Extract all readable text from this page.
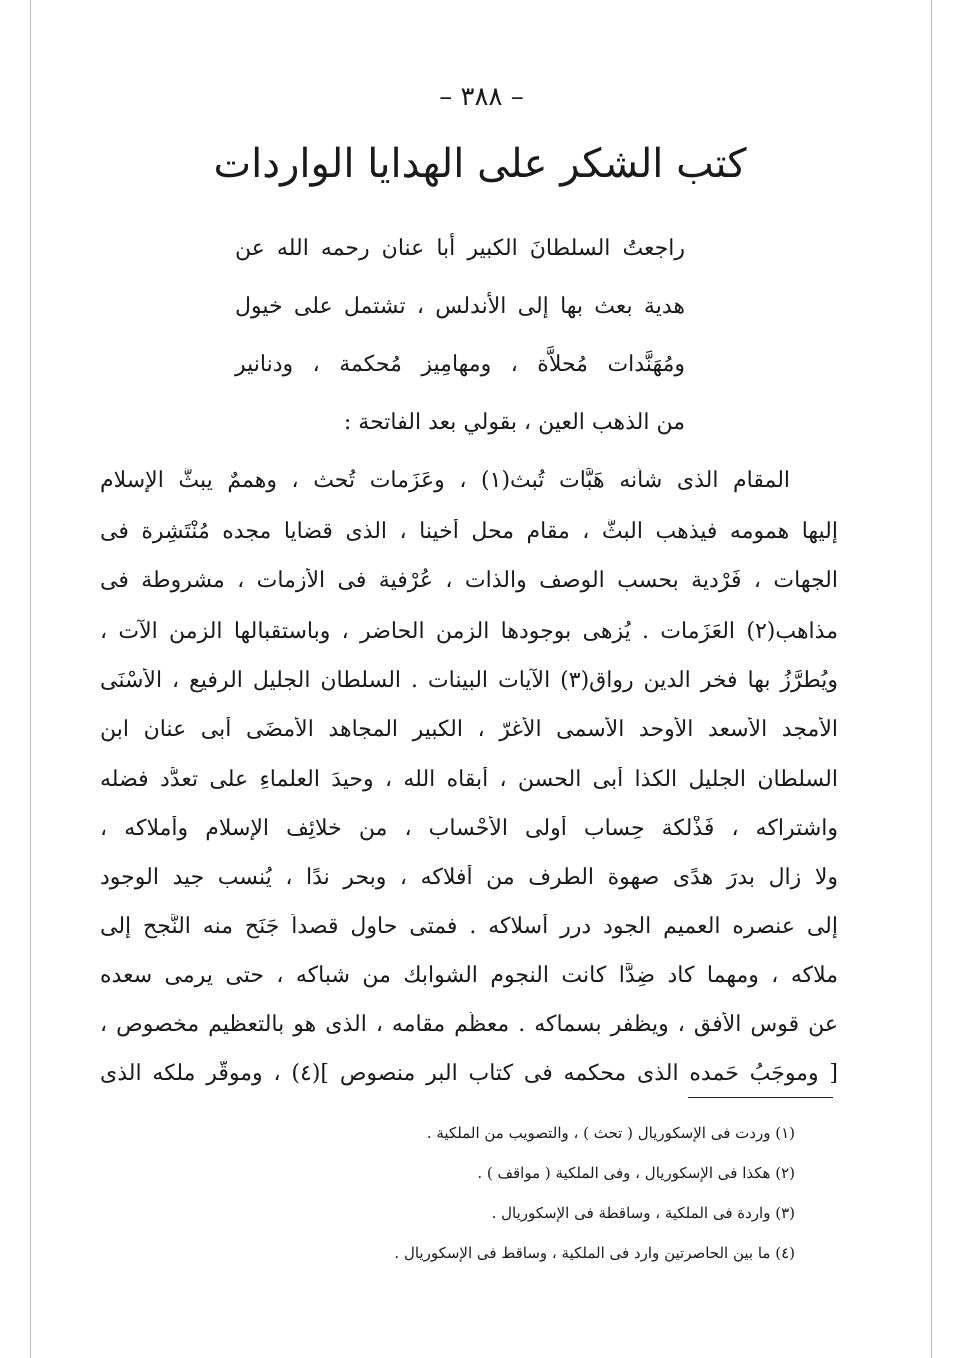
– ٣٨٨ –
كتب الشكر على الهدايا الواردات
راجعتُ السلطانَ الكبير أبا عنان رحمه الله عن
هدية بعث بها إلى الأندلس ، تشتمل على خيول
ومُهَنَّدات مُحلاَّة ، ومهامِيز مُحكمة ، ودنانير
من الذهب العين ، بقولي بعد الفاتحة :
المقام الذى شأنه هَبَّات تُبث(١) ، وعَزَمات تُحث ، وهممٌ يبثُّ الإسلام
إليها همومه فيذهب البثُّ ، مقام محل أخينا ، الذى قضايا مجده مُنْتَشِرة فى
الجهات ، فَرْدية بحسب الوصف والذات ، عُرْفية فى الأزمات ، مشروطة فى
مذاهب(٢) العَزَمات . يُزهى بوجودها الزمن الحاضر ، وباستقبالها الزمن الآت ،
ويُطرَّزُ بها فخر الدين رواق(٣) الآيات البينات . السلطان الجليل الرفيع ، الأَسْنَى
الأمجد الأَسعد الأوحد الأَسمى الأَغرّ ، الكبير المجاهد الأَمضَى أَبى عنان ابن
السلطان الجليل الكذا أَبى الحسن ، أبقاه الله ، وحيدَ العلماءِ على تعدُّد فضله
واشتراكه ، فَذْلكة حِساب أُولى الأَحْساب ، من خلائِف الإِسلام وأَملاكه ،
ولا زال بدرَ هدًى صهوة الطرف من أفلاكه ، وبحر ندًا ، يُنسب جيد الوجود
إلى عنصره العميم الجود درر أسلاكه . فمتى حاول قصداً جَنَح منه النَّجح إلى
ملاكه ، ومهما كاد ضِدًّا كانت النجوم الشوابك من شباكه ، حتى يرمى سعده
عن قوس الأُفق ، ويظفر بسماكه . معظَّم مقامه ، الذى هو بالتعظيم مخصوص ،
[ وموجَبُ حَمده الذى محكمه فى كتاب البر منصوص ](٤) ، وموقَّر ملكه الذى
(١) وردت فى الإسكوريال ( تحث ) ، والتصويب من الملكية .
(٢) هكذا فى الإسكوريال ، وفى الملكية ( مواقف ) .
(٣) واردة فى الملكية ، وساقطة فى الإسكوريال .
(٤) ما بين الحاصرتين وارد فى الملكية ، وساقط فى الإسكوريال .
